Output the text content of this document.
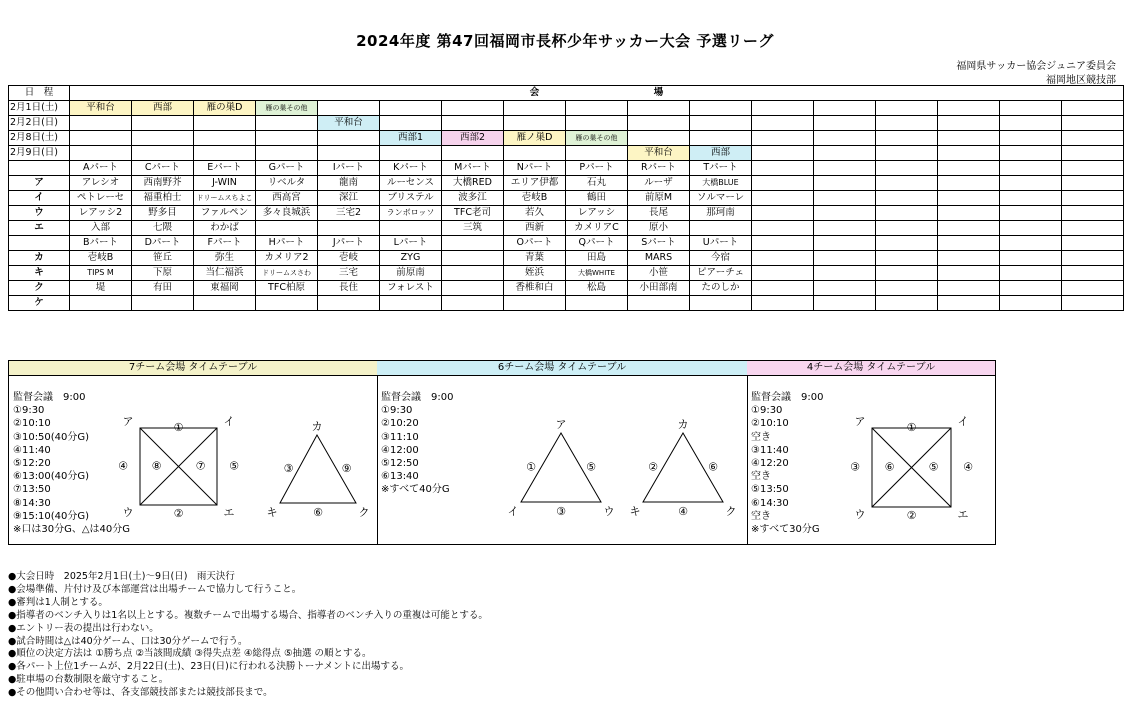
2024年度 第47回福岡市長杯少年サッカー大会 予選リーグ
福岡県サッカー協会ジュニア委員会
福岡地区競技部
日　程								会		場							
2月1日(土)	平和台	西部	雁の巣D	雁の巣その他													
2月2日(日)					平和台												
2月8日(土)						西部1	西部2	雁ノ巣D	雁の巣その他								
2月9日(日)										平和台	西部						
	Aパート	Cパート	Eパート	Gパート	Iパート	Kパート	Mパート	Nパート	Pパート	Rパート	Tパート						
ア	アレシオ	西南野芥	J-WIN	リベルタ	龍南	ルーセンス	大橋RED	エリア伊都	石丸	ルーザ	大橋BLUE						
イ	ペトレーセ	福重柏士	ドリームスちよこ	西高宮	深江	ブリステル	波多江	壱岐B	鶴田	前原M	ソルマーレ						
ウ	レアッシ2	野多目	ファルペン	多々良城浜	三宅2	ランボロッソ	TFC老司	若久	レアッシ	長尾	那珂南						
エ	入部	七隈	わかば				三筑	西新	カメリアC	原小							
	Bパート	Dパート	Fパート	Hパート	Jパート	Lパート		Oパート	Qパート	Sパート	Uパート						
カ	壱岐B	笹丘	弥生	カメリア2	壱岐	ZYG		青葉	田島	MARS	今宿						
キ	TIPS M	下原	当仁福浜	ドリームスさわ	三宅	前原南		姪浜	大橋WHITE	小笹	ピアーチェ						
ク	堤	有田	東福岡	TFC柏原	長住	フォレスト		香椎和白	松島	小田部南	たのしか						
ケ																	
7チーム会場 タイムテーブル
監督会議　9:00
①9:30
②10:10
③10:50(40分G)
④11:40
⑤12:20
⑥13:00(40分G)
⑦13:50
⑧14:30
⑨15:10(40分G)
※口は30分G、△は40分G
ア	イ
ウ	エ
①
④	⑤
②
⑧	⑦
カ
キ	ク
③	⑨
⑥
6チーム会場 タイムテーブル
監督会議　9:00
①9:30
②10:20
③11:10
④12:00
⑤12:50
⑥13:40
※すべて40分G
ア
イ	ウ
①	⑤
③
カ
キ	ク
②	⑥
④
4チーム会場 タイムテーブル
監督会議　9:00
①9:30
②10:10
空き
③11:40
④12:20
空き
⑤13:50
⑥14:30
空き
※すべて30分G
ア	イ
ウ	エ
①
③	④
②
⑥	⑤
●大会日時　2025年2月1日(土)～9日(日)　雨天決行
●会場準備、片付け及び本部運営は出場チームで協力して行うこと。
●審判は1人制とする。
●指導者のベンチ入りは1名以上とする。複数チームで出場する場合、指導者のベンチ入りの重複は可能とする。
●エントリー表の提出は行わない。
●試合時間は△は40分ゲーム、口は30分ゲームで行う。
●順位の決定方法は ①勝ち点 ②当該間成績 ③得失点差 ④総得点 ⑤抽選 の順とする。
●各パート上位1チームが、2月22日(土)、23日(日)に行われる決勝トーナメントに出場する。
●駐車場の台数制限を厳守すること。
●その他問い合わせ等は、各支部競技部または競技部長まで。
